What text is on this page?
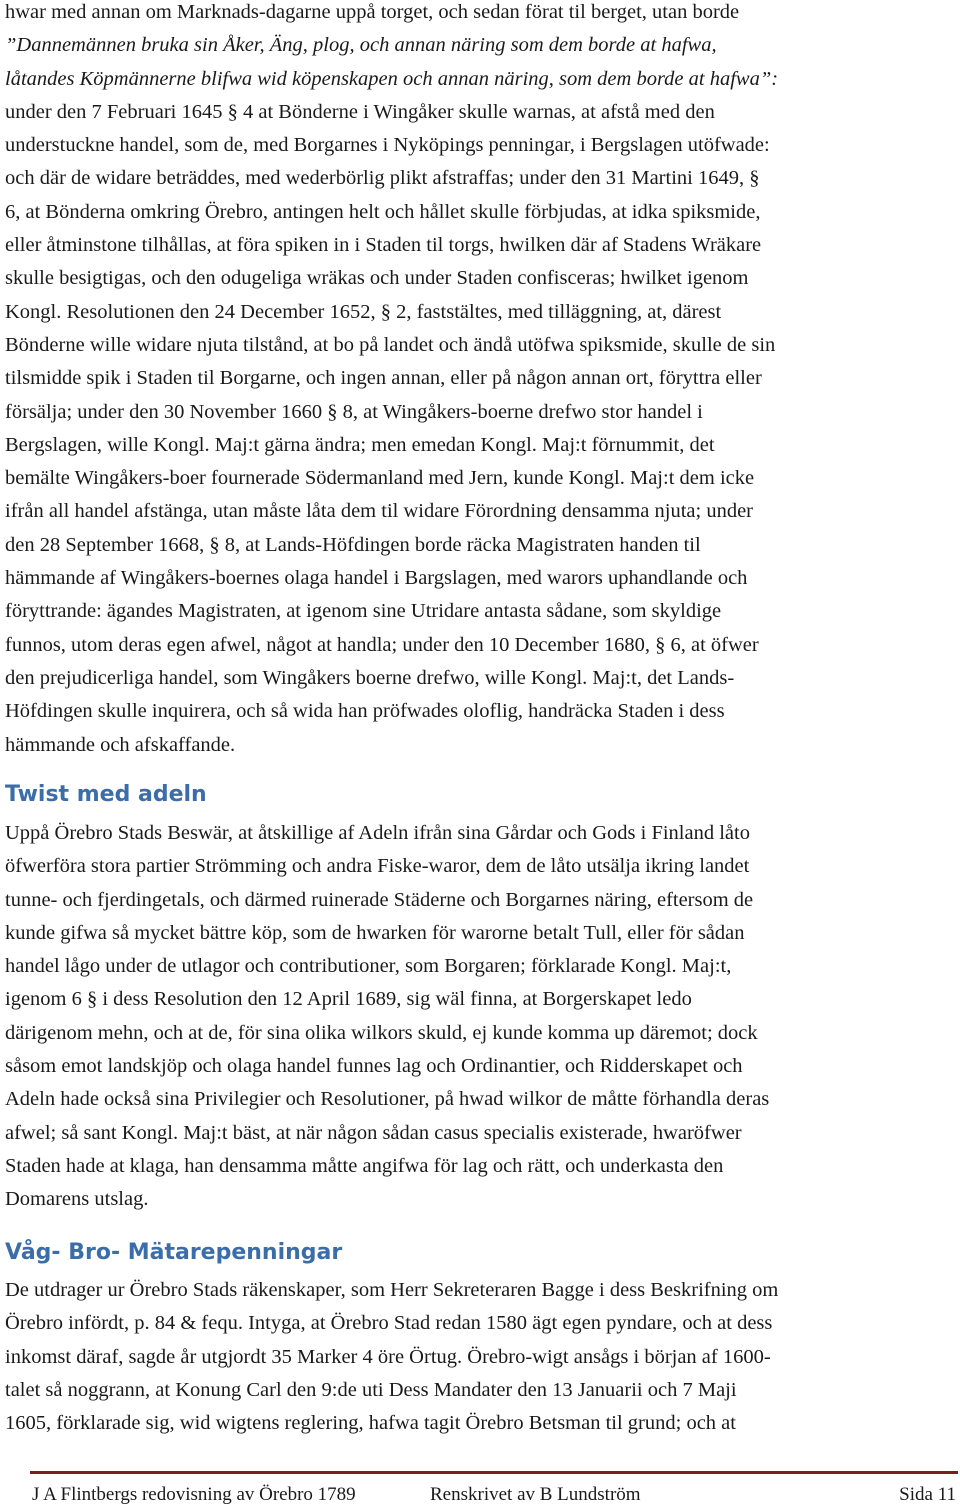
hwar med annan om Marknads-dagarne uppå torget, och sedan förat til berget, utan borde
”Dannemännen bruka sin Åker, Äng, plog, och annan näring som dem borde at hafwa,
låtandes Köpmännerne blifwa wid köpenskapen och annan näring, som dem borde at hafwa”:
under den 7 Februari 1645 § 4 at Bönderne i Wingåker skulle warnas, at afstå med den
understuckne handel, som de, med Borgarnes i Nyköpings penningar, i Bergslagen utöfwade:
och där de widare beträddes, med wederbörlig plikt afstraffas; under den 31 Martini 1649, §
6, at Bönderna omkring Örebro, antingen helt och hållet skulle förbjudas, at idka spiksmide,
eller åtminstone tilhållas, at föra spiken in i Staden til torgs, hwilken där af Stadens Wräkare
skulle besigtigas, och den odugeliga wräkas och under Staden confisceras; hwilket igenom
Kongl. Resolutionen den 24 December 1652, § 2, faststältes, med tilläggning, at, därest
Bönderne wille widare njuta tilstånd, at bo på landet och ändå utöfwa spiksmide, skulle de sin
tilsmidde spik i Staden til Borgarne, och ingen annan, eller på någon annan ort, föryttra eller
försälja; under den 30 November 1660 § 8, at Wingåkers-boerne drefwo stor handel i
Bergslagen, wille Kongl. Maj:t gärna ändra; men emedan Kongl. Maj:t förnummit, det
bemälte Wingåkers-boer fournerade Södermanland med Jern, kunde Kongl. Maj:t dem icke
ifrån all handel afstänga, utan måste låta dem til widare Förordning densamma njuta; under
den 28 September 1668, § 8, at Lands-Höfdingen borde räcka Magistraten handen til
hämmande af Wingåkers-boernes olaga handel i Bargslagen, med warors uphandlande och
föryttrande: ägandes Magistraten, at igenom sine Utridare antasta sådane, som skyldige
funnos, utom deras egen afwel, något at handla; under den 10 December 1680, § 6, at öfwer
den prejudicerliga handel, som Wingåkers boerne drefwo, wille Kongl. Maj:t, det Lands-
Höfdingen skulle inquirera, och så wida han pröfwades oloflig, handräcka Staden i dess
hämmande och afskaffande.
Twist med adeln
Uppå Örebro Stads Beswär, at åtskillige af Adeln ifrån sina Gårdar och Gods i Finland låto
öfwerföra stora partier Strömming och andra Fiske-waror, dem de låto utsälja ikring landet
tunne- och fjerdingetals, och därmed ruinerade Städerne och Borgarnes näring, eftersom de
kunde gifwa så mycket bättre köp, som de hwarken för warorne betalt Tull, eller för sådan
handel lågo under de utlagor och contributioner, som Borgaren; förklarade Kongl. Maj:t,
igenom 6 § i dess Resolution den 12 April 1689, sig wäl finna, at Borgerskapet ledo
därigenom mehn, och at de, för sina olika wilkors skuld, ej kunde komma up däremot; dock
såsom emot landskjöp och olaga handel funnes lag och Ordinantier, och Ridderskapet och
Adeln hade också sina Privilegier och Resolutioner, på hwad wilkor de måtte förhandla deras
afwel; så sant Kongl. Maj:t bäst, at när någon sådan casus specialis existerade, hwaröfwer
Staden hade at klaga, han densamma måtte angifwa för lag och rätt, och underkasta den
Domarens utslag.
Våg- Bro- Mätarepenningar
De utdrager ur Örebro Stads räkenskaper, som Herr Sekreteraren Bagge i dess Beskrifning om
Örebro infördt, p. 84 & fequ. Intyga, at Örebro Stad redan 1580 ägt egen pyndare, och at dess
inkomst däraf, sagde år utgjordt 35 Marker 4 öre Örtug. Örebro-wigt ansågs i början af 1600-
talet så noggrann, at Konung Carl den 9:de uti Dess Mandater den 13 Januarii och 7 Maji
1605, förklarade sig, wid wigtens reglering, hafwa tagit Örebro Betsman til grund; och at
J A Flintbergs redovisning av Örebro 1789	Renskrivet av B Lundström	Sida 11
